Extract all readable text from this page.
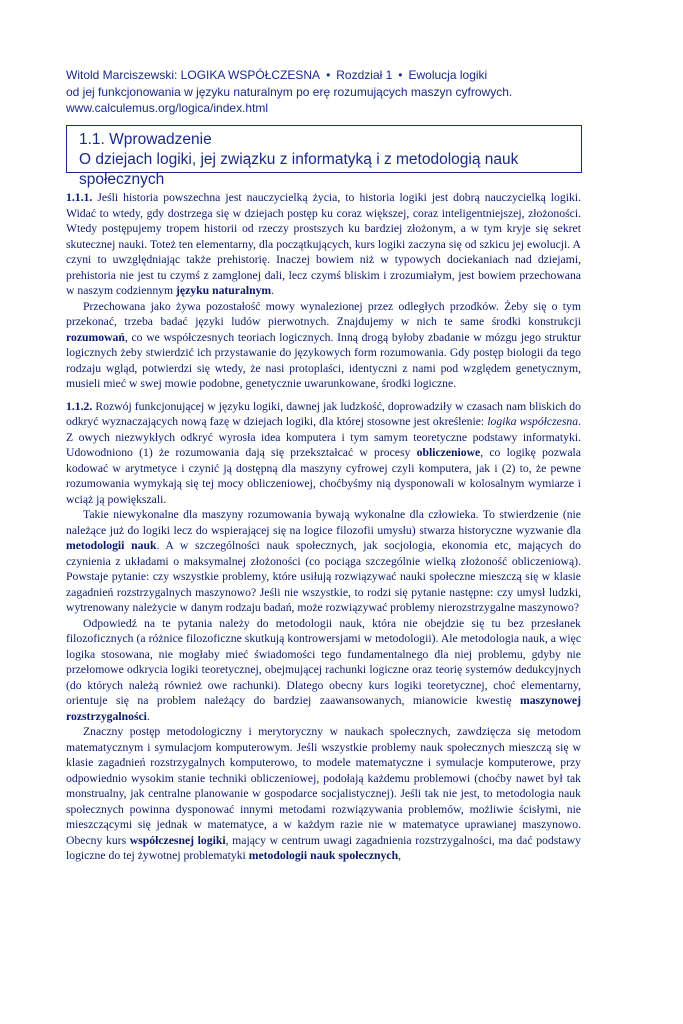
Witold Marciszewski: LOGIKA WSPÓŁCZESNA • Rozdział 1 • Ewolucja logiki
od jej funkcjonowania w języku naturalnym po erę rozumujących maszyn cyfrowych.
www.calculemus.org/logica/index.html
1.1. Wprowadzenie
O dziejach logiki, jej związku z informatyką i z metodologią nauk społecznych

1.1.1. Jeśli historia powszechna jest nauczycielką życia, to historia logiki jest dobrą nauczycielką logiki. Widać to wtedy, gdy dostrzega się w dziejach postęp ku coraz większej, coraz inteligentniejszej, złożoności. Wtedy postępujemy tropem historii od rzeczy prostszych ku bardziej złożonym, a w tym kryje się sekret skutecznej nauki. Toteż ten elementarny, dla początkujących, kurs logiki zaczyna się od szkicu jej ewolucji. A czyni to uwzględniając także prehistorię. Inaczej bowiem niż w typowych dociekaniach nad dziejami, prehistoria nie jest tu czymś z zamglonej dali, lecz czymś bliskim i zrozumiałym, jest bowiem przechowana w naszym codziennym języku naturalnym.

Przechowana jako żywa pozostałość mowy wynalezionej przez odległych przodków. Żeby się o tym przekonać, trzeba badać języki ludów pierwotnych. Znajdujemy w nich te same środki konstrukcji rozumowań, co we współczesnych teoriach logicznych. Inną drogą byłoby zbadanie w mózgu jego struktur logicznych żeby stwierdzić ich przystawanie do językowych form rozumowania. Gdy postęp biologii da tego rodzaju wgląd, potwierdzi się wtedy, że nasi protoplaści, identyczni z nami pod względem genetycznym, musieli mieć w swej mowie podobne, genetycznie uwarunkowane, środki logiczne.

1.1.2. Rozwój funkcjonującej w języku logiki, dawnej jak ludzkość, doprowadziły w czasach nam bliskich do odkryć wyznaczających nową fazę w dziejach logiki, dla której stosowne jest określenie: logika współczesna. Z owych niezwykłych odkryć wyrosła idea komputera i tym samym teoretyczne podstawy informatyki. Udowodniono (1) że rozumowania dają się przekształcać w procesy obliczeniowe, co logikę pozwala kodować w arytmetyce i czynić ją dostępną dla maszyny cyfrowej czyli komputera, jak i (2) to, że pewne rozumowania wymykają się tej mocy obliczeniowej, choćbyśmy nią dysponowali w kolosalnym wymiarze i wciąż ją powiększali.

Takie niewykonalne dla maszyny rozumowania bywają wykonalne dla człowieka. To stwierdzenie (nie należące już do logiki lecz do wspierającej się na logice filozofii umysłu) stwarza historyczne wyzwanie dla metodologii nauk. A w szczególności nauk społecznych, jak socjologia, ekonomia etc, mających do czynienia z układami o maksymalnej złożoności (co pociąga szczególnie wielką złożoność obliczeniową). Powstaje pytanie: czy wszystkie problemy, które usiłują rozwiązywać nauki społeczne mieszczą się w klasie zagadnień rozstrzygalnych maszynowo? Jeśli nie wszystkie, to rodzi się pytanie następne: czy umysł ludzki, wytrenowany należycie w danym rodzaju badań, może rozwiązywać problemy nierozstrzygalne maszynowo?

Odpowiedź na te pytania należy do metodologii nauk, która nie obejdzie się tu bez przesłanek filozoficznych (a różnice filozoficzne skutkują kontrowersjami w metodologii). Ale metodologia nauk, a więc logika stosowana, nie mogłaby mieć świadomości tego fundamentalnego dla niej problemu, gdyby nie przełomowe odkrycia logiki teoretycznej, obejmującej rachunki logiczne oraz teorię systemów dedukcyjnych (do których należą również owe rachunki). Dlatego obecny kurs logiki teoretycznej, choć elementarny, orientuje się na problem należący do bardziej zaawansowanych, mianowicie kwestię maszynowej rozstrzygalności.

Znaczny postęp metodologiczny i merytoryczny w naukach społecznych, zawdzięcza się metodom matematycznym i symulacjom komputerowym. Jeśli wszystkie problemy nauk społecznych mieszczą się w klasie zagadnień rozstrzygalnych komputerowo, to modele matematyczne i symulacje komputerowe, przy odpowiednio wysokim stanie techniki obliczeniowej, podołają każdemu problemowi (choćby nawet był tak monstrualny, jak centralne planowanie w gospodarce socjalistycznej). Jeśli tak nie jest, to metodologia nauk społecznych powinna dysponować innymi metodami rozwiązywania problemów, możliwie ścisłymi, nie mieszczącymi się jednak w matematyce, a w każdym razie nie w matematyce uprawianej maszynowo. Obecny kurs współczesnej logiki, mający w centrum uwagi zagadnienia rozstrzygalności, ma dać podstawy logiczne do tej żywotnej problematyki metodologii nauk społecznych,
